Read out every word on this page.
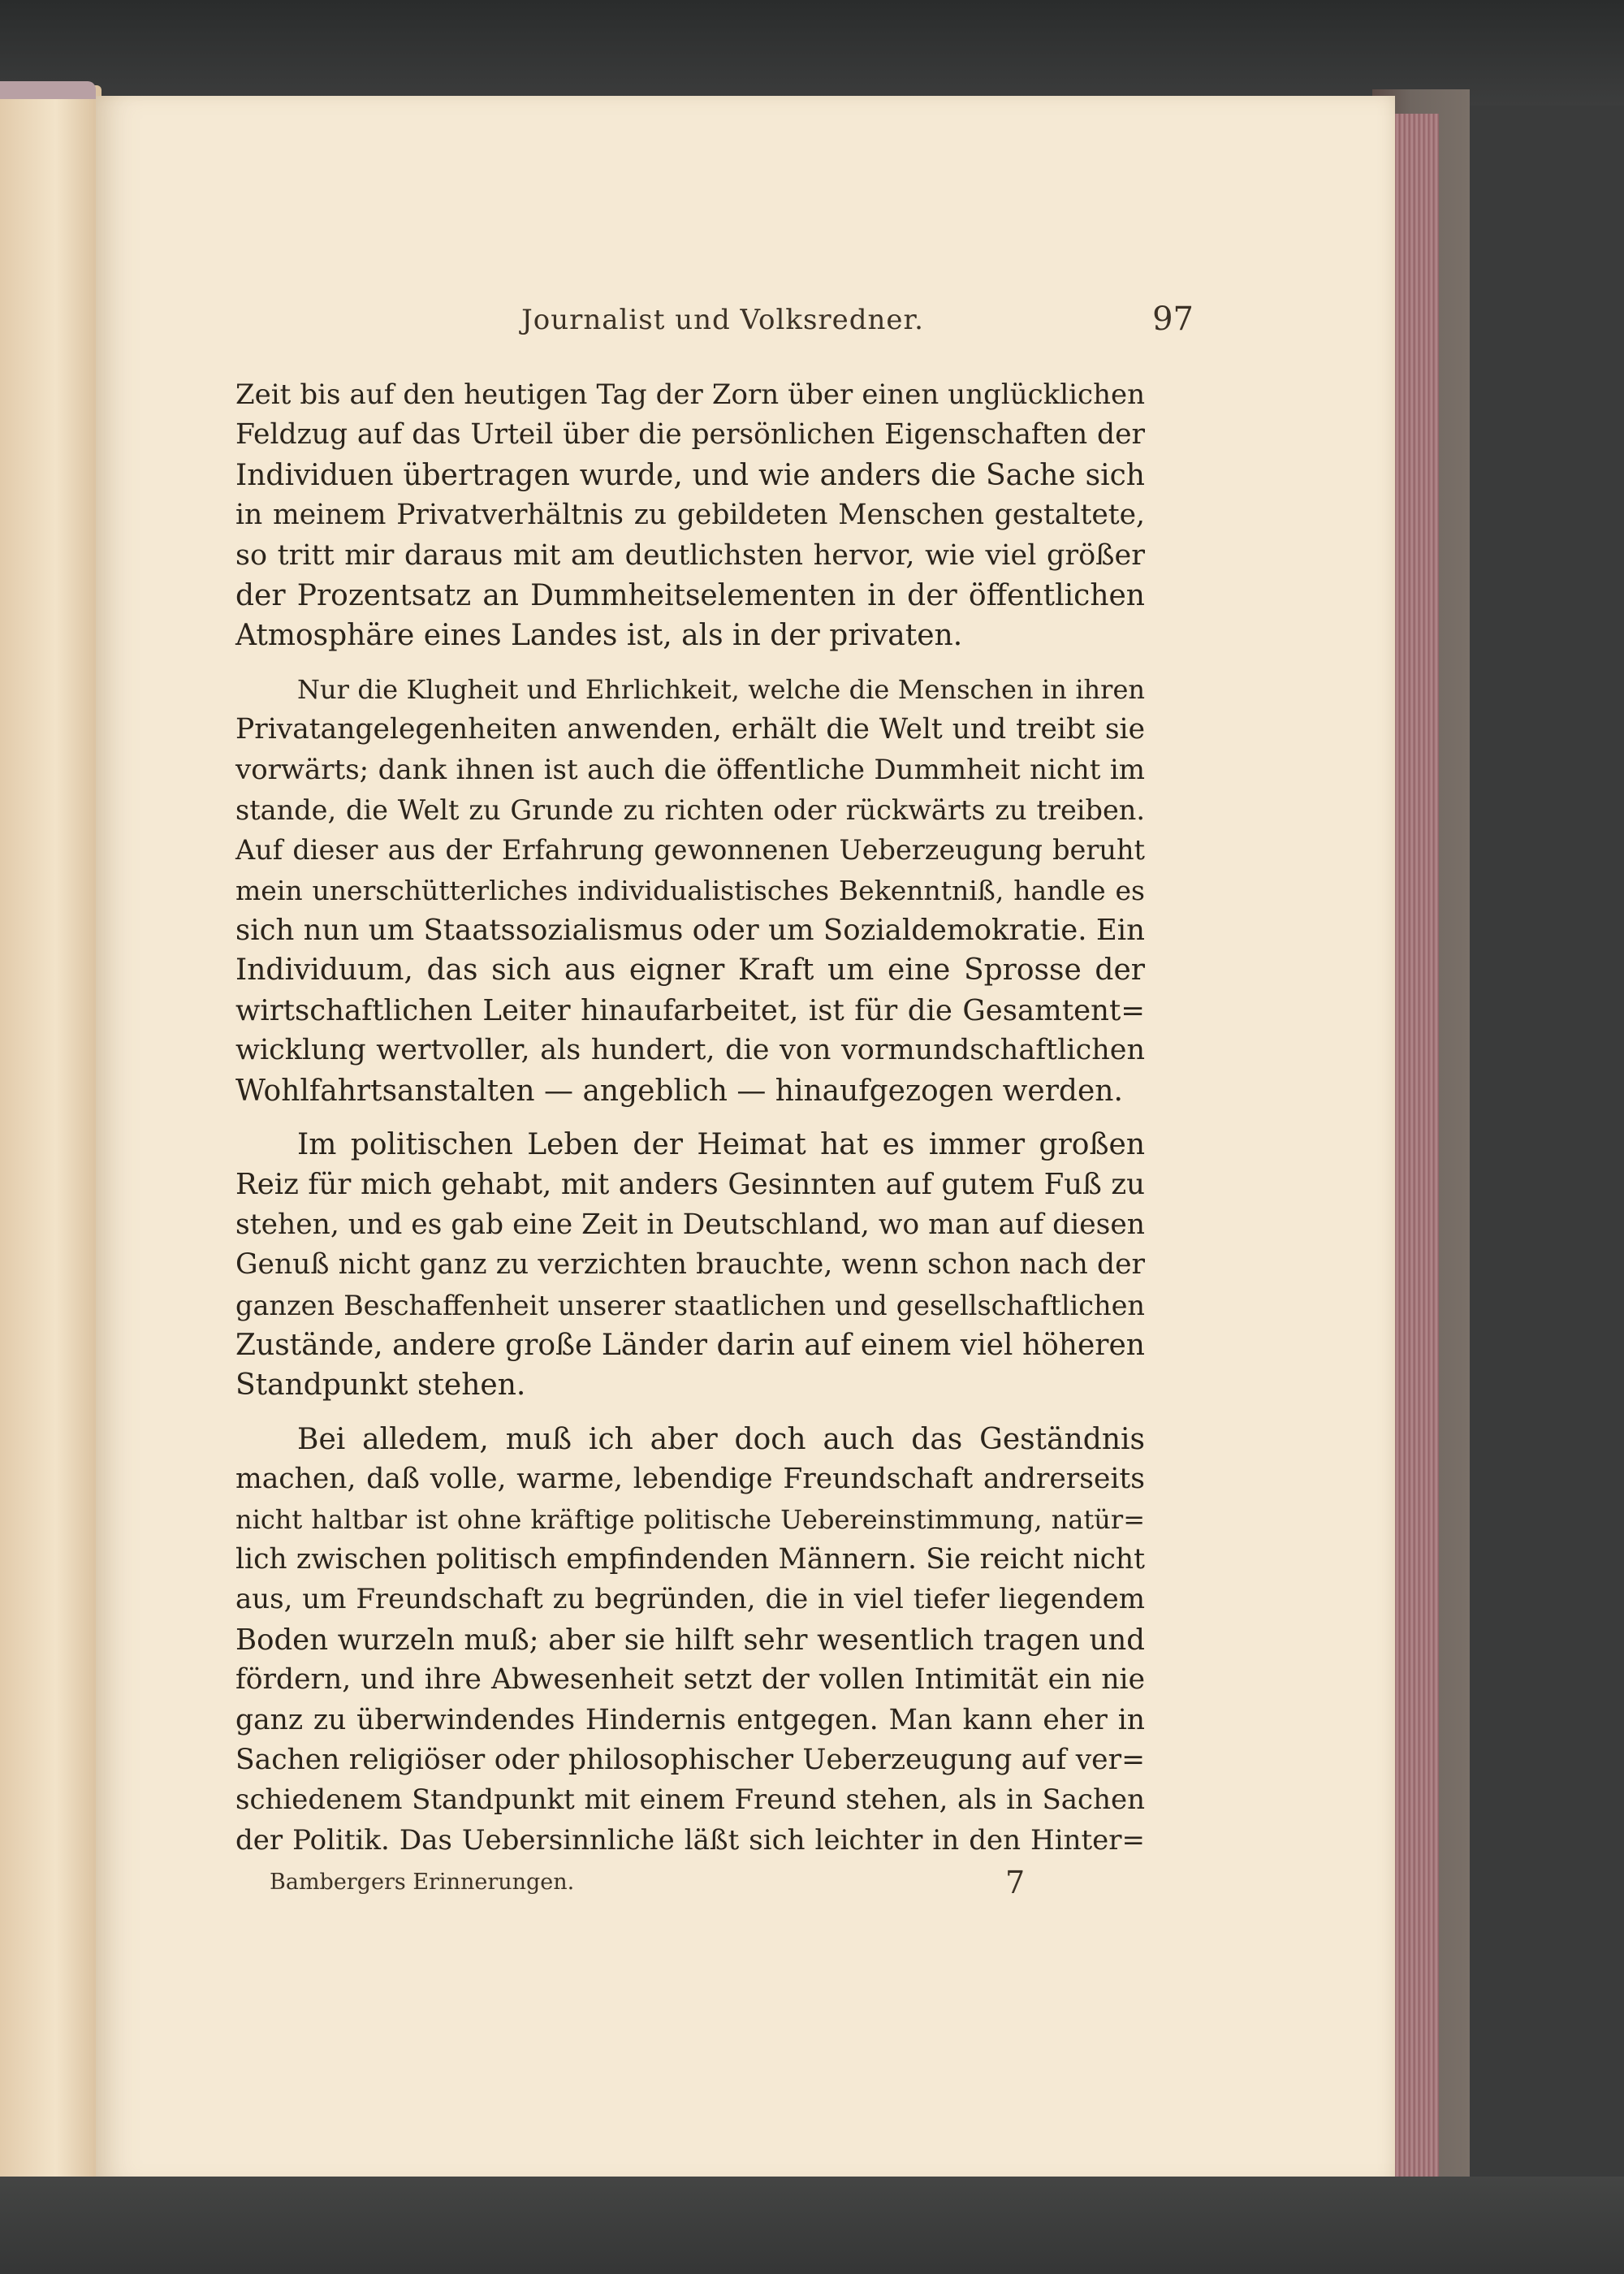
Journalist und Volksredner.	97
Zeit bis auf den heutigen Tag der Zorn über einen unglücklichen
Feldzug auf das Urteil über die persönlichen Eigenschaften der
Individuen übertragen wurde, und wie anders die Sache sich
in meinem Privatverhältnis zu gebildeten Menschen gestaltete,
so tritt mir daraus mit am deutlichsten hervor, wie viel größer
der Prozentsatz an Dummheitselementen in der öffentlichen
Atmosphäre eines Landes ist, als in der privaten.
Nur die Klugheit und Ehrlichkeit, welche die Menschen in ihren
Privatangelegenheiten anwenden, erhält die Welt und treibt sie
vorwärts; dank ihnen ist auch die öffentliche Dummheit nicht im
stande, die Welt zu Grunde zu richten oder rückwärts zu treiben.
Auf dieser aus der Erfahrung gewonnenen Ueberzeugung beruht
mein unerschütterliches individualistisches Bekenntniß, handle es
sich nun um Staatssozialismus oder um Sozialdemokratie. Ein
Individuum, das sich aus eigner Kraft um eine Sprosse der
wirtschaftlichen Leiter hinaufarbeitet, ist für die Gesamtent=
wicklung wertvoller, als hundert, die von vormundschaftlichen
Wohlfahrtsanstalten — angeblich — hinaufgezogen werden.
Im politischen Leben der Heimat hat es immer großen
Reiz für mich gehabt, mit anders Gesinnten auf gutem Fuß zu
stehen, und es gab eine Zeit in Deutschland, wo man auf diesen
Genuß nicht ganz zu verzichten brauchte, wenn schon nach der
ganzen Beschaffenheit unserer staatlichen und gesellschaftlichen
Zustände, andere große Länder darin auf einem viel höheren
Standpunkt stehen.
Bei alledem, muß ich aber doch auch das Geständnis
machen, daß volle, warme, lebendige Freundschaft andrerseits
nicht haltbar ist ohne kräftige politische Uebereinstimmung, natür=
lich zwischen politisch empfindenden Männern. Sie reicht nicht
aus, um Freundschaft zu begründen, die in viel tiefer liegendem
Boden wurzeln muß; aber sie hilft sehr wesentlich tragen und
fördern, und ihre Abwesenheit setzt der vollen Intimität ein nie
ganz zu überwindendes Hindernis entgegen. Man kann eher in
Sachen religiöser oder philosophischer Ueberzeugung auf ver=
schiedenem Standpunkt mit einem Freund stehen, als in Sachen
der Politik. Das Uebersinnliche läßt sich leichter in den Hinter=
Bambergers Erinnerungen.	7
